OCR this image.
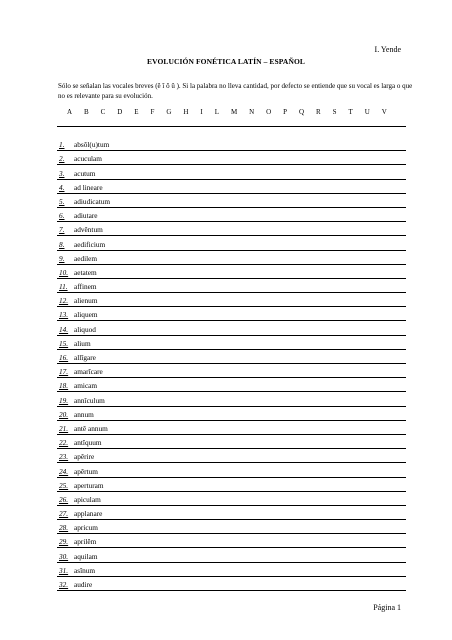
I. Yende
EVOLUCIÓN FONÉTICA LATÍN – ESPAÑOL
Sólo se señalan las vocales breves (ĕ ĭ ŏ ŭ ). Si la palabra no lleva cantidad, por defecto se entiende que su vocal es larga o que no es relevante para su evolución.
A B C D E F G H I L M N O P Q R S T U V
1. absŏl(u)tum
2. acuculam
3. acutum
4. ad lineare
5. adiudicatum
6. adiutare
7. advĕntum
8. aedificium
9. aedilem
10. aetatem
11. affinem
12. alienum
13. aliquem
14. aliquod
15. alium
16. allĭgare
17. amarĭcare
18. amicam
19. annĭculum
20. annum
21. antĕ annum
22. antĭquum
23. apĕrire
24. apĕrtum
25. aperturam
26. apiculam
27. applanare
28. apricum
29. aprilĕm
30. aquilam
31. asĭnum
32. audire
Página 1
